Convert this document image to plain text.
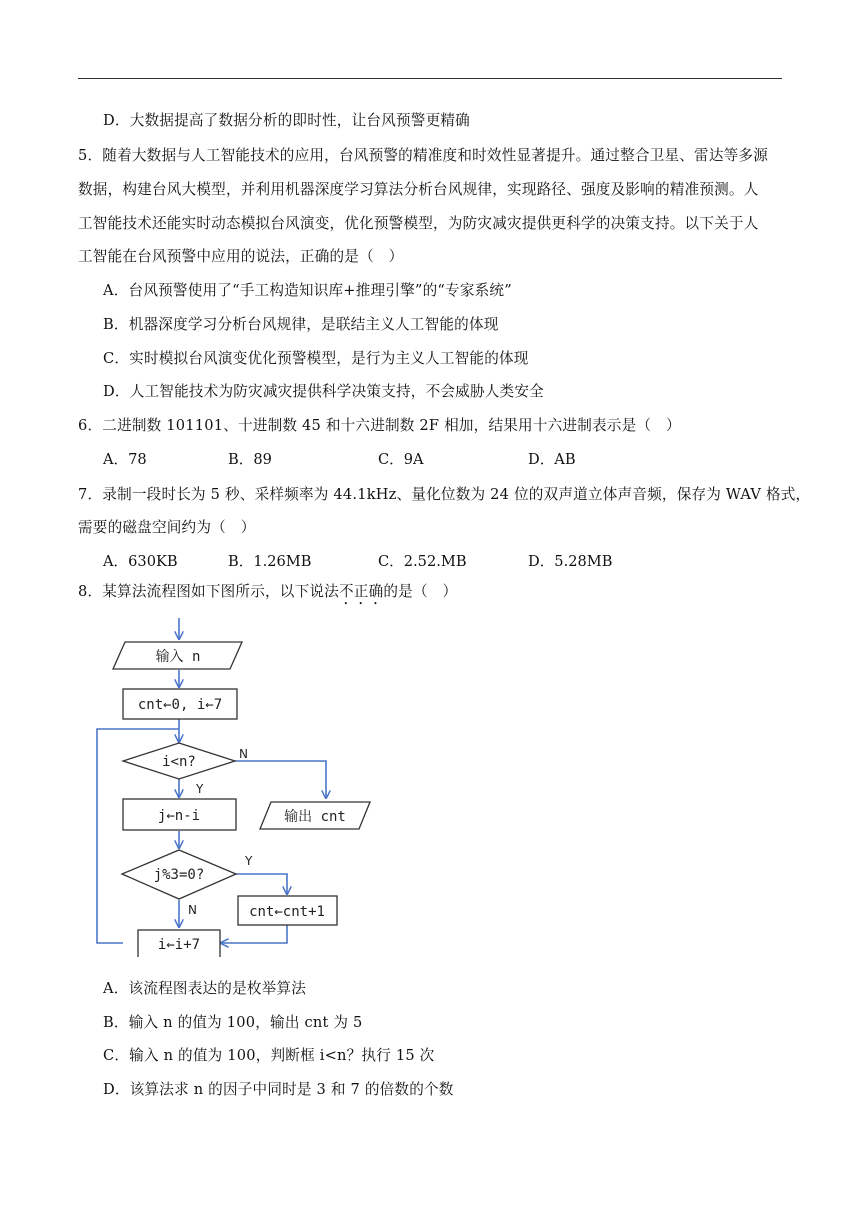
D．大数据提高了数据分析的即时性，让台风预警更精确
5．随着大数据与人工智能技术的应用，台风预警的精准度和时效性显著提升。通过整合卫星、雷达等多源
数据，构建台风大模型，并利用机器深度学习算法分析台风规律，实现路径、强度及影响的精准预测。人
工智能技术还能实时动态模拟台风演变，优化预警模型，为防灾减灾提供更科学的决策支持。以下关于人
工智能在台风预警中应用的说法，正确的是（　）
A．台风预警使用了“手工构造知识库+推理引擎”的“专家系统”
B．机器深度学习分析台风规律，是联结主义人工智能的体现
C．实时模拟台风演变优化预警模型，是行为主义人工智能的体现
D．人工智能技术为防灾减灾提供科学决策支持，不会威胁人类安全
6．二进制数 101101、十进制数 45 和十六进制数 2F 相加，结果用十六进制表示是（　）
A．78	B．89	C．9A	D．AB
7．录制一段时长为 5 秒、采样频率为 44.1kHz、量化位数为 24 位的双声道立体声音频，保存为 WAV 格式，
需要的磁盘空间约为（　）
A．630KB	B．1.26MB	C．2.52.MB	D．5.28MB
8．某算法流程图如下图所示，以下说法不正确的是（　）
输入 n
cnt←0, i←7
i<n?
j←n-i	输出 cnt
j%3=0?
cnt←cnt+1
i←i+7
Y
N
Y
N
A．该流程图表达的是枚举算法
B．输入 n 的值为 100，输出 cnt 为 5
C．输入 n 的值为 100，判断框 i<n？执行 15 次
D．该算法求 n 的因子中同时是 3 和 7 的倍数的个数
